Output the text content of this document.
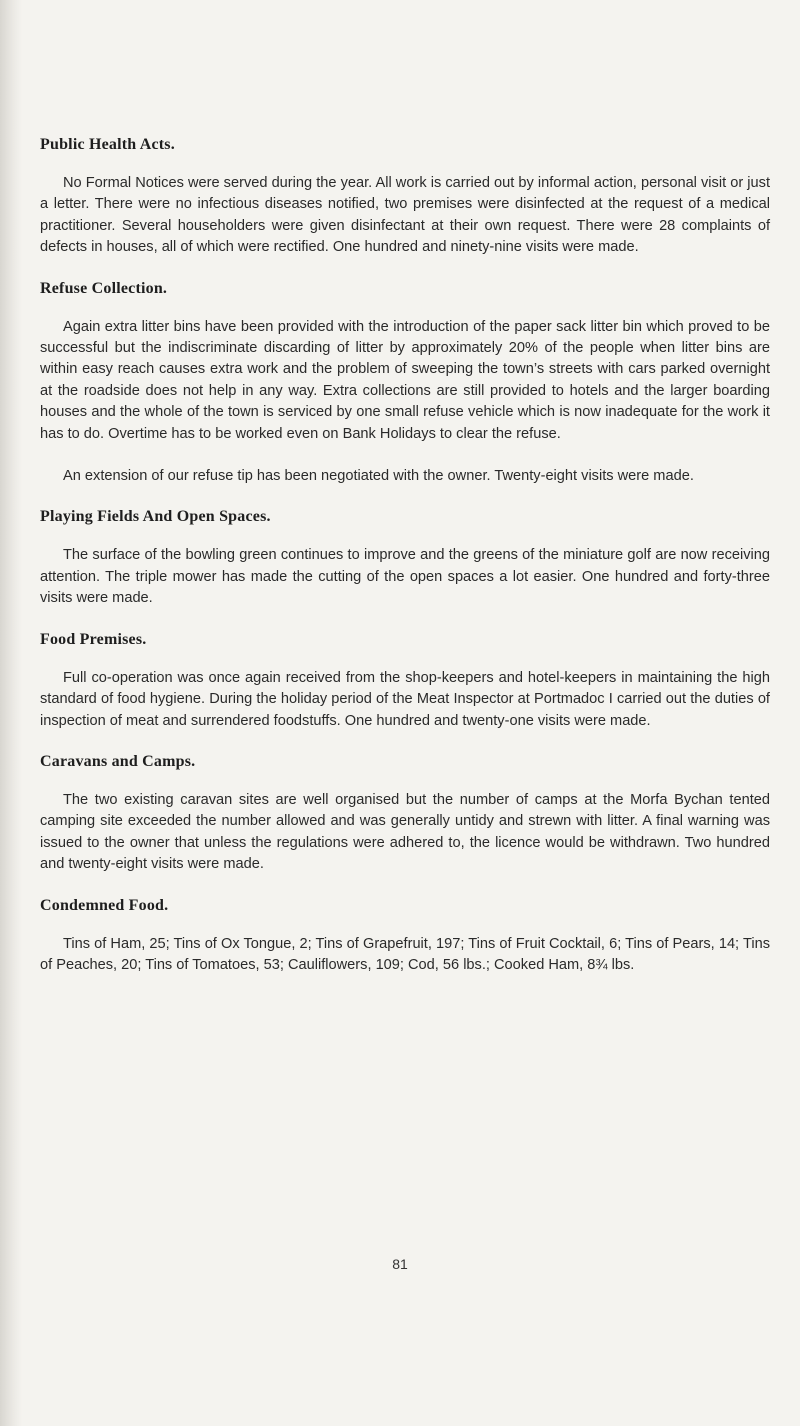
Public Health Acts.

No Formal Notices were served during the year. All work is carried out by informal action, personal visit or just a letter. There were no infectious diseases notified, two premises were disinfected at the request of a medical practitioner. Several householders were given disinfectant at their own request. There were 28 complaints of defects in houses, all of which were rectified. One hundred and ninety-nine visits were made.

Refuse Collection.

Again extra litter bins have been provided with the introduction of the paper sack litter bin which proved to be successful but the indiscriminate discarding of litter by approximately 20% of the people when litter bins are within easy reach causes extra work and the problem of sweeping the town’s streets with cars parked overnight at the roadside does not help in any way. Extra collections are still provided to hotels and the larger boarding houses and the whole of the town is serviced by one small refuse vehicle which is now inadequate for the work it has to do. Overtime has to be worked even on Bank Holidays to clear the refuse.

An extension of our refuse tip has been negotiated with the owner. Twenty-eight visits were made.

Playing Fields And Open Spaces.

The surface of the bowling green continues to improve and the greens of the miniature golf are now receiving attention. The triple mower has made the cutting of the open spaces a lot easier. One hundred and forty-three visits were made.

Food Premises.

Full co-operation was once again received from the shop-keepers and hotel-keepers in maintaining the high standard of food hygiene. During the holiday period of the Meat Inspector at Portmadoc I carried out the duties of inspection of meat and surrendered foodstuffs. One hundred and twenty-one visits were made.

Caravans and Camps.

The two existing caravan sites are well organised but the number of camps at the Morfa Bychan tented camping site exceeded the number allowed and was generally untidy and strewn with litter. A final warning was issued to the owner that unless the regulations were adhered to, the licence would be withdrawn. Two hundred and twenty-eight visits were made.

Condemned Food.

Tins of Ham, 25; Tins of Ox Tongue, 2; Tins of Grapefruit, 197; Tins of Fruit Cocktail, 6; Tins of Pears, 14; Tins of Peaches, 20; Tins of Tomatoes, 53; Cauliflowers, 109; Cod, 56 lbs.; Cooked Ham, 8¾ lbs.

81
